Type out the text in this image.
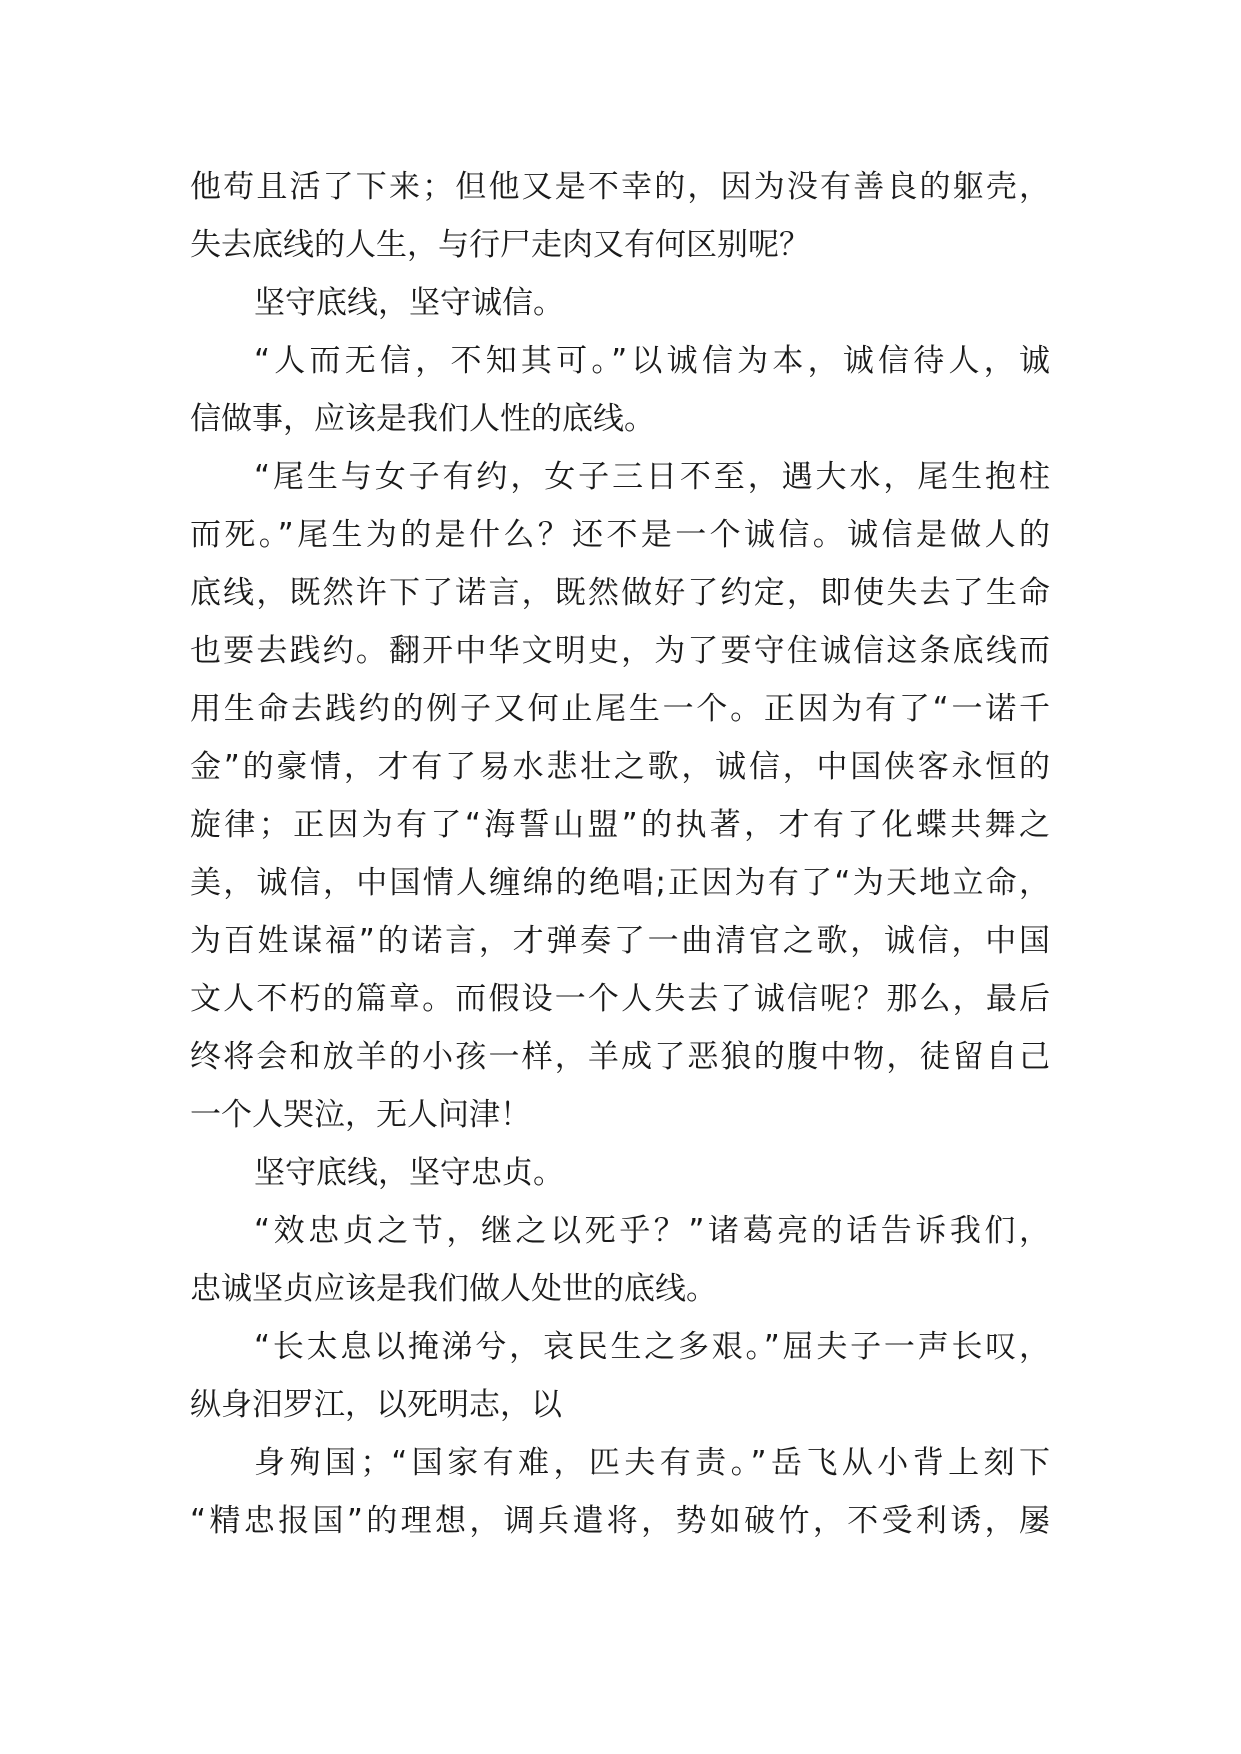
他苟且活了下来；但他又是不幸的，因为没有善良的躯壳，
失去底线的人生，与行尸走肉又有何区别呢？
坚守底线，坚守诚信。
“人而无信，不知其可。”以诚信为本，诚信待人，诚
信做事，应该是我们人性的底线。
“尾生与女子有约，女子三日不至，遇大水，尾生抱柱
而死。”尾生为的是什么？还不是一个诚信。诚信是做人的
底线，既然许下了诺言，既然做好了约定，即使失去了生命
也要去践约。翻开中华文明史，为了要守住诚信这条底线而
用生命去践约的例子又何止尾生一个。正因为有了“一诺千
金”的豪情，才有了易水悲壮之歌，诚信，中国侠客永恒的
旋律；正因为有了“海誓山盟”的执著，才有了化蝶共舞之
美，诚信，中国情人缠绵的绝唱;正因为有了“为天地立命，
为百姓谋福”的诺言，才弹奏了一曲清官之歌，诚信，中国
文人不朽的篇章。而假设一个人失去了诚信呢？那么，最后
终将会和放羊的小孩一样，羊成了恶狼的腹中物，徒留自己
一个人哭泣，无人问津！
坚守底线，坚守忠贞。
“效忠贞之节，继之以死乎？”诸葛亮的话告诉我们，
忠诚坚贞应该是我们做人处世的底线。
“长太息以掩涕兮，哀民生之多艰。”屈夫子一声长叹，
纵身汨罗江，以死明志，以
身殉国；“国家有难，匹夫有责。”岳飞从小背上刻下
“精忠报国”的理想，调兵遣将，势如破竹，不受利诱，屡
